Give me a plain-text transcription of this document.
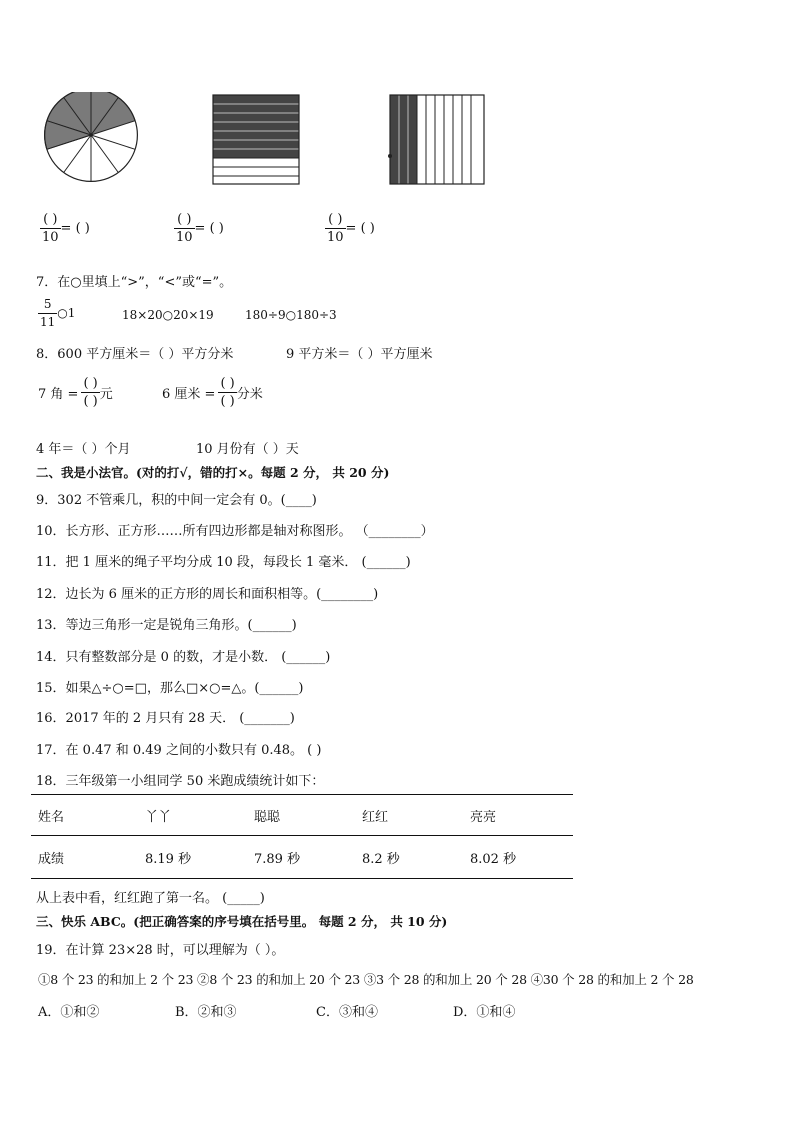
$\frac{( )}{10}$ = ( )	$\frac{( )}{10}$ = ( )	$\frac{( )}{10}$ = ( )
7．在○里填上“>”，“<”或“=”。
$\frac{5}{11}$ ○1	18×20○20×19	180÷9○180÷3
8．600 平方厘米＝（ ）平方分米	9 平方米＝（ ）平方厘米
7 角 = $\frac{( )}{( )}$ 元	6 厘米 = $\frac{( )}{( )}$ 分米
4 年＝（ ）个月	10 月份有（ ）天
二、我是小法官。(对的打√，错的打×。每题 2 分， 共 20 分)
9．302 不管乘几，积的中间一定会有 0。(____)
10．长方形、正方形……所有四边形都是轴对称图形。 （________）
11．把 1 厘米的绳子平均分成 10 段，每段长 1 毫米． (______)
12．边长为 6 厘米的正方形的周长和面积相等。(________)
13．等边三角形一定是锐角三角形。(______)
14．只有整数部分是 0 的数，才是小数． (______)
15．如果△÷○=□，那么□×○=△。(______)
16．2017 年的 2 月只有 28 天． (_______)
17．在 0.47 和 0.49 之间的小数只有 0.48。 ( )
18．三年级第一小组同学 50 米跑成绩统计如下：
姓名	丫丫	聪聪	红红	亮亮
成绩	8.19 秒	7.89 秒	8.2 秒	8.02 秒
从上表中看，红红跑了第一名。 (_____)
三、快乐 ABC。(把正确答案的序号填在括号里。 每题 2 分， 共 10 分)
19．在计算 23×28 时，可以理解为（ ）。
①8 个 23 的和加上 2 个 23 ②8 个 23 的和加上 20 个 23 ③3 个 28 的和加上 20 个 28 ④30 个 28 的和加上 2 个 28
A．①和②	B．②和③	C．③和④	D．①和④
